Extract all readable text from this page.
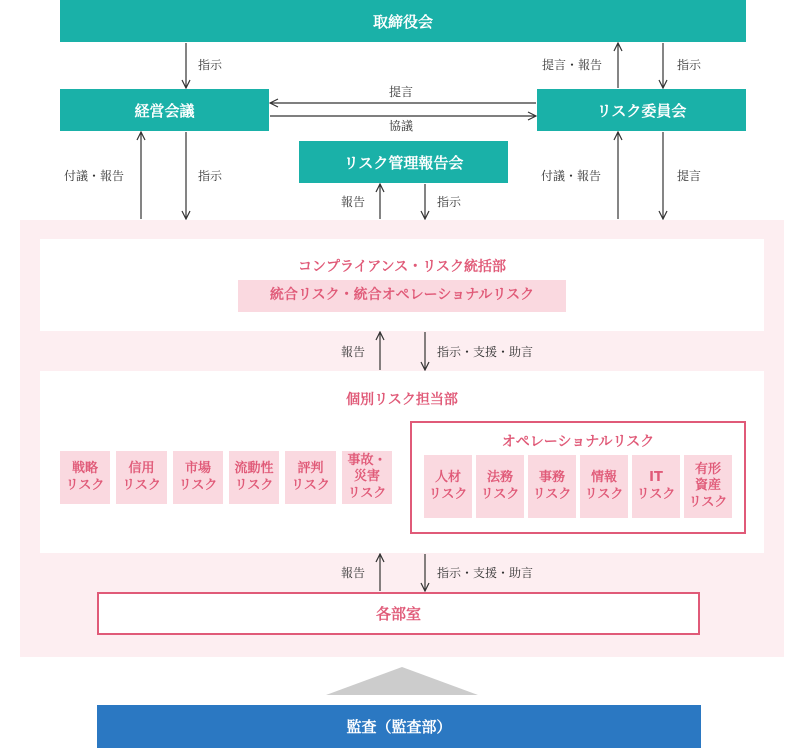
取締役会
経営会議	リスク委員会
リスク管理報告会
コンプライアンス・リスク統括部
統合リスク・統合オペレーショナルリスク
個別リスク担当部
戦略
リスク
信用
リスク
市場
リスク
流動性
リスク
評判
リスク
事故・
災害
リスク
オペレーショナルリスク
人材
リスク
法務
リスク
事務
リスク
情報
リスク
IT
リスク
有形
資産
リスク
各部室
指示	提言・報告	指示
提言
協議
付議・報告	指示	付議・報告	提言
報告	指示
報告	指示・支援・助言
報告	指示・支援・助言
監査（監査部）
